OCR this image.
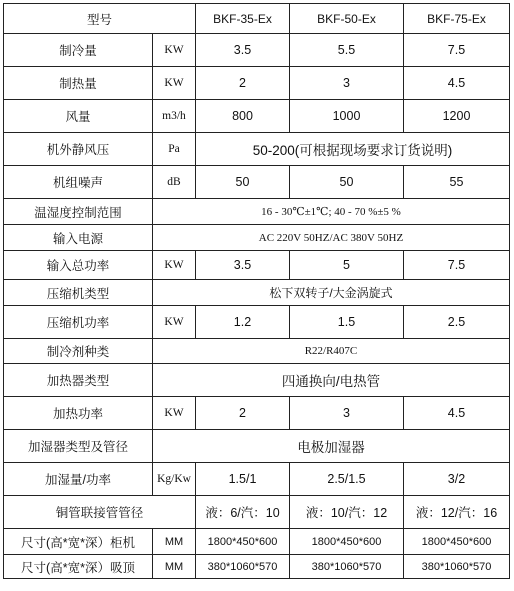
型号		BKF-35-Ex	BKF-50-Ex	BKF-75-Ex
制冷量	KW	3.5	5.5	7.5
制热量	KW	2	3	4.5
风量	m3/h	800	1000	1200
机外静风压	Pa	50-200(可根据现场要求订货说明)		
机组噪声	dB	50	50	55
温湿度控制范围	16 - 30℃±1℃; 40 - 70 %±5 %			
输入电源	AC 220V 50HZ/AC 380V 50HZ			
输入总功率	KW	3.5	5	7.5
压缩机类型	松下双转子/大金涡旋式			
压缩机功率	KW	1.2	1.5	2.5
制冷剂种类	R22/R407C			
加热器类型	四通换向/电热管			
加热功率	KW	2	3	4.5
加湿器类型及管径	电极加湿器			
加湿量/功率	Kg/Kw	1.5/1	2.5/1.5	3/2
铜管联接管管径		液：6/汽：10	液：10/汽：12	液：12/汽：16
尺寸(高*宽*深）柜机	MM	1800*450*600	1800*450*600	1800*450*600
尺寸(高*宽*深）吸顶	MM	380*1060*570	380*1060*570	380*1060*570
